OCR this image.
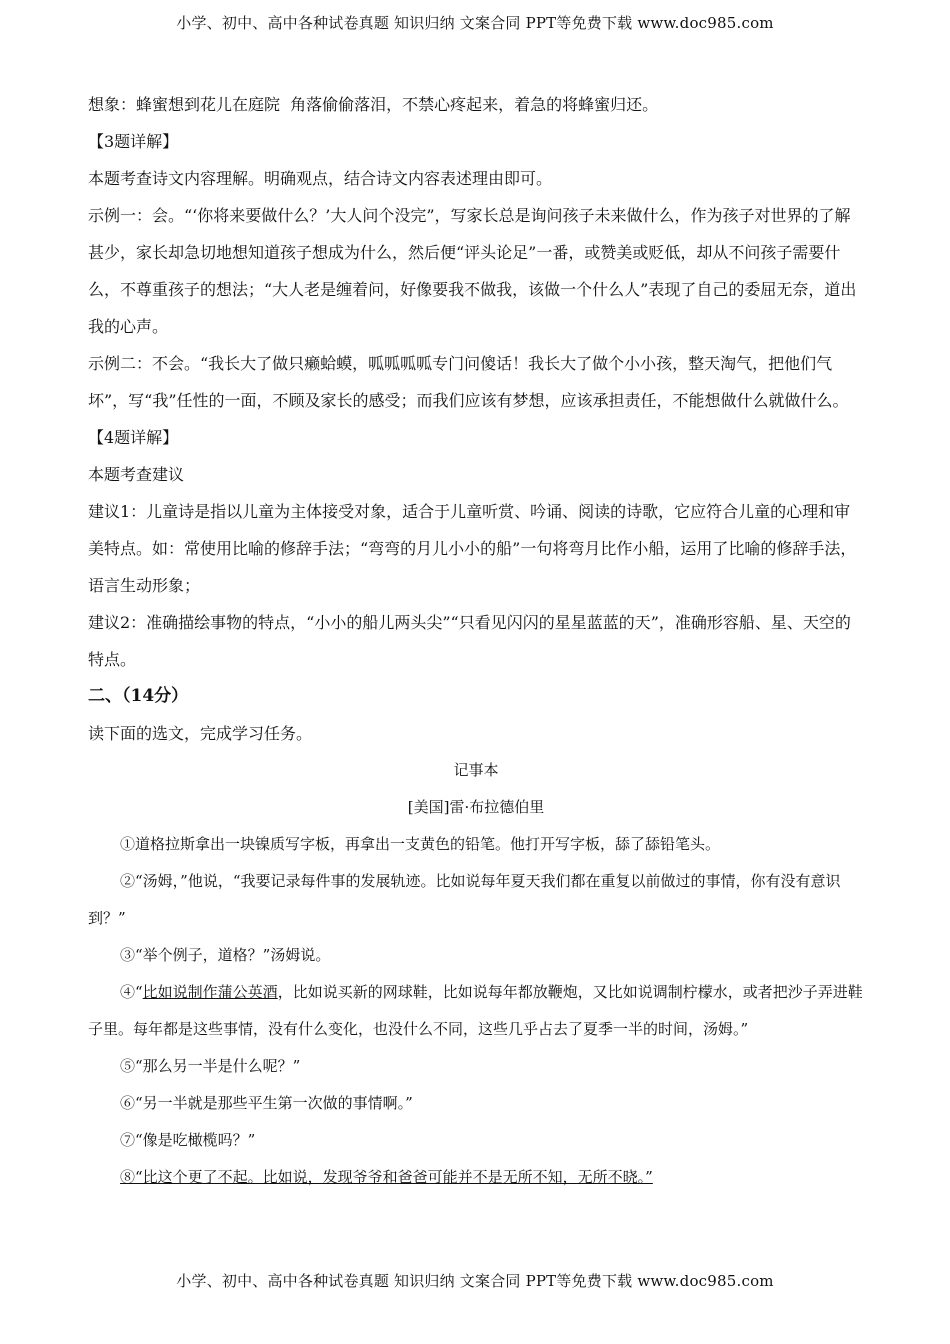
小学、初中、高中各种试卷真题 知识归纳 文案合同 PPT等免费下载 www.doc985.com

想象：蜂蜜想到花儿在庭院  角落偷偷落泪，不禁心疼起来，着急的将蜂蜜归还。

【3题详解】

本题考查诗文内容理解。明确观点，结合诗文内容表述理由即可。

示例一：会。“‘你将来要做什么？’大人问个没完”，写家长总是询问孩子未来做什么，作为孩子对世界的了解甚少，家长却急切地想知道孩子想成为什么，然后便“评头论足”一番，或赞美或贬低，却从不问孩子需要什么，不尊重孩子的想法；“大人老是缠着问，好像要我不做我，该做一个什么人”表现了自己的委屈无奈，道出我的心声。

示例二：不会。“我长大了做只癞蛤蟆，呱呱呱呱专门问傻话！我长大了做个小小孩，整天淘气，把他们气坏”，写“我”任性的一面，不顾及家长的感受；而我们应该有梦想，应该承担责任，不能想做什么就做什么。

【4题详解】

本题考查建议

建议1：儿童诗是指以儿童为主体接受对象，适合于儿童听赏、吟诵、阅读的诗歌，它应符合儿童的心理和审美特点。如：常使用比喻的修辞手法；“弯弯的月儿小小的船”一句将弯月比作小船，运用了比喻的修辞手法，语言生动形象；

建议2：准确描绘事物的特点，“小小的船儿两头尖”“只看见闪闪的星星蓝蓝的天”，准确形容船、星、天空的特点。

二、（14分）

读下面的选文，完成学习任务。

记事本

[美国]雷·布拉德伯里

①道格拉斯拿出一块镍质写字板，再拿出一支黄色的铅笔。他打开写字板，舔了舔铅笔头。

②“汤姆，”他说，“我要记录每件事的发展轨迹。比如说每年夏天我们都在重复以前做过的事情，你有没有意识到？”

③“举个例子，道格？”汤姆说。

④“比如说制作蒲公英酒，比如说买新的网球鞋，比如说每年都放鞭炮，又比如说调制柠檬水，或者把沙子弄进鞋子里。每年都是这些事情，没有什么变化，也没什么不同，这些几乎占去了夏季一半的时间，汤姆。”

⑤“那么另一半是什么呢？”

⑥“另一半就是那些平生第一次做的事情啊。”

⑦“像是吃橄榄吗？”

⑧“比这个更了不起。比如说，发现爷爷和爸爸可能并不是无所不知，无所不晓。”

小学、初中、高中各种试卷真题 知识归纳 文案合同 PPT等免费下载 www.doc985.com
